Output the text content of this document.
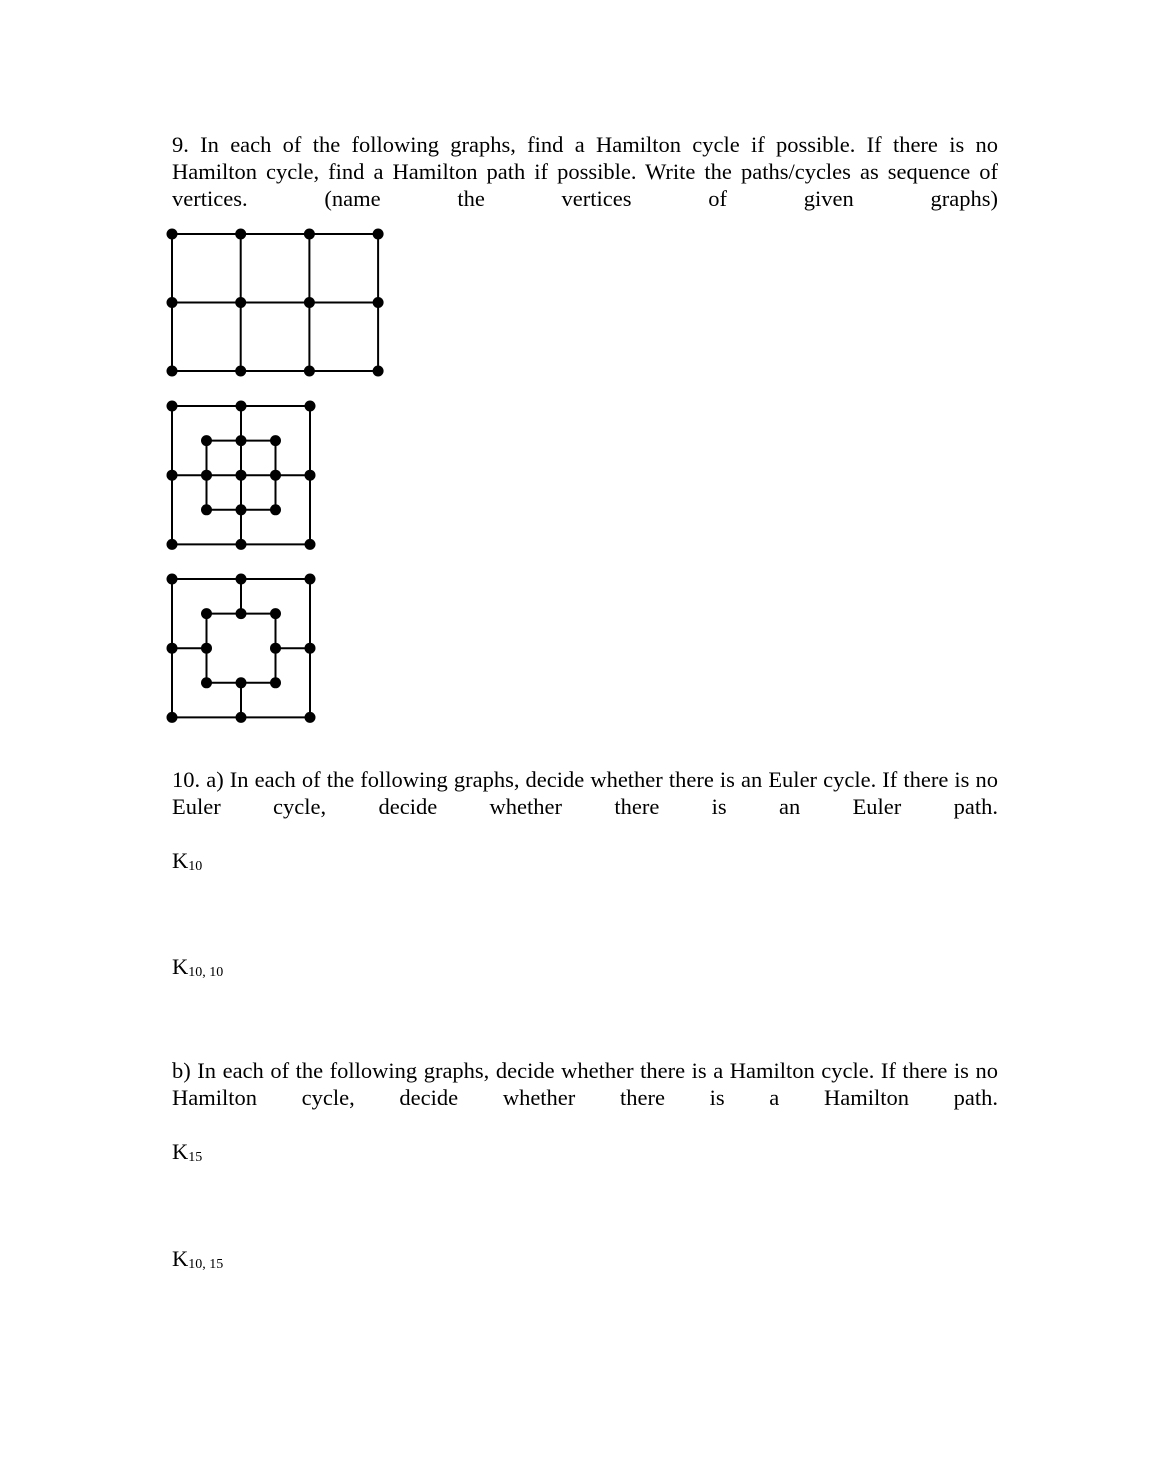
9. In each of the following graphs, find a Hamilton cycle if possible. If there is no Hamilton cycle, find a Hamilton path if possible. Write the paths/cycles as sequence of vertices. (name the vertices of given graphs)

10. a) In each of the following graphs, decide whether there is an Euler cycle. If there is no Euler cycle, decide whether there is an Euler path.

$K_{10}$
$K_{10, 10}$

b) In each of the following graphs, decide whether there is a Hamilton cycle. If there is no Hamilton cycle, decide whether there is a Hamilton path.

$K_{15}$
$K_{10, 15}$
